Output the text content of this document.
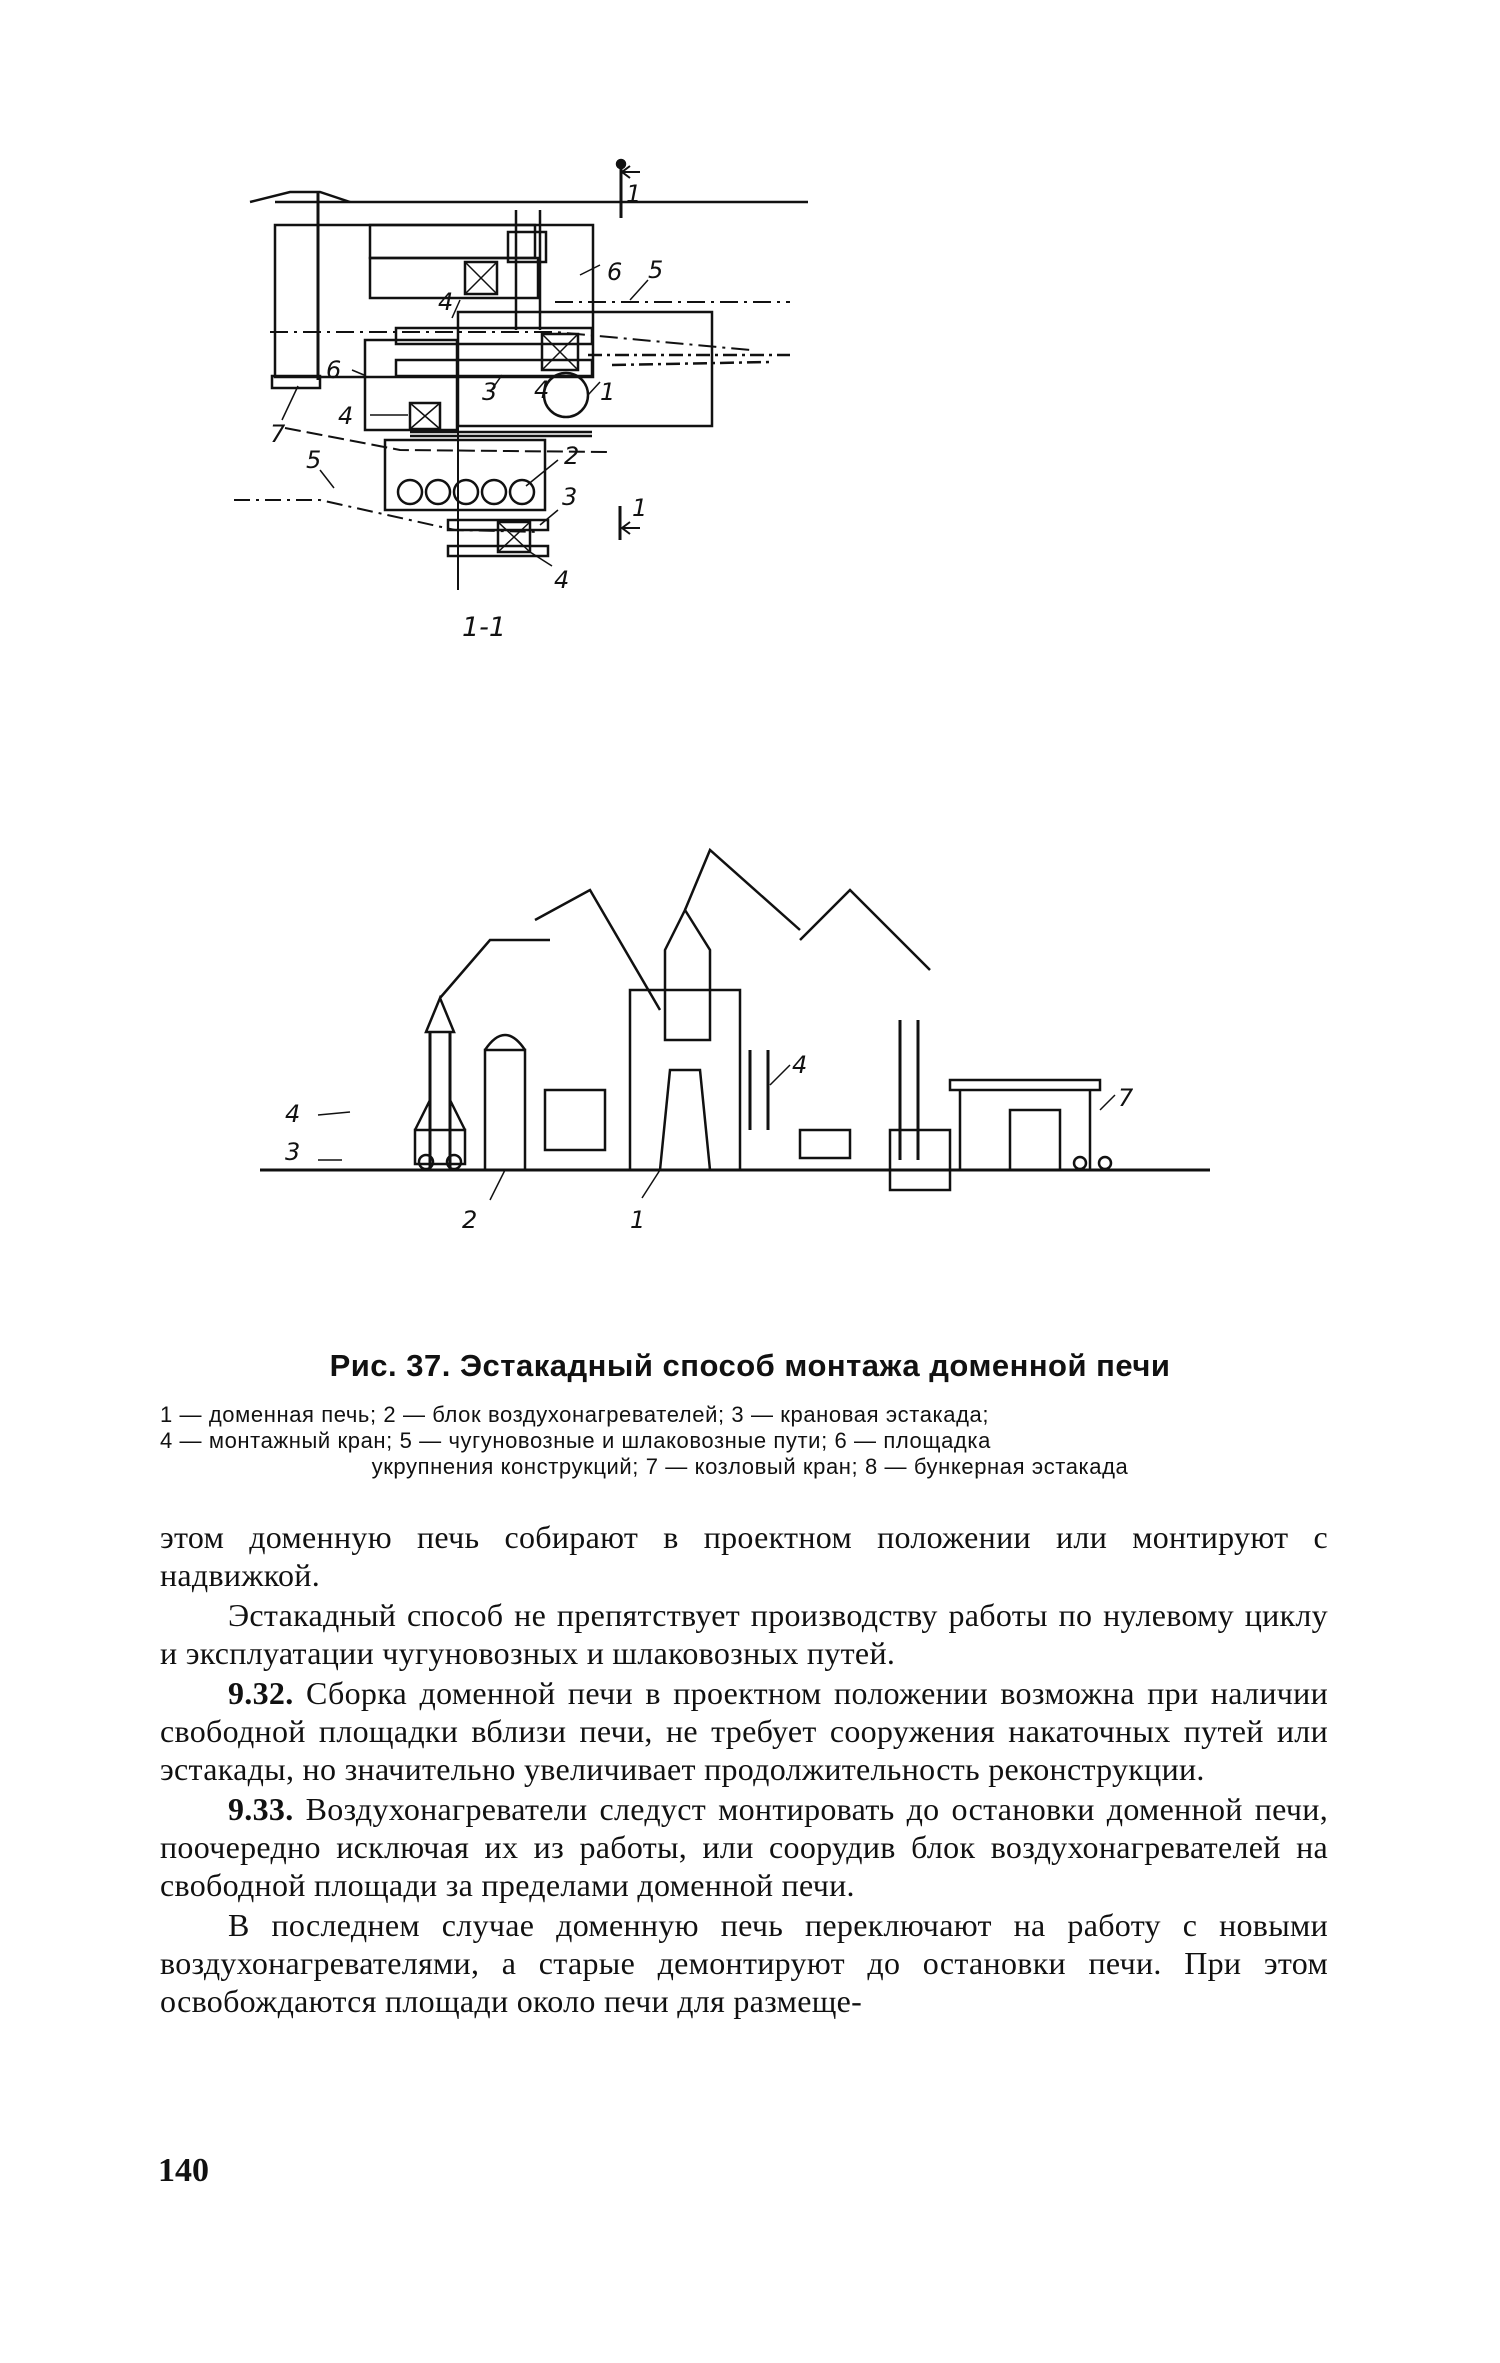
6
7
1
4
5
6
3 4 1
4
2
5
3
4
1
1-1
4
3
2	1
4
7
Рис. 37. Эстакадный способ монтажа доменной печи
1 — доменная печь; 2 — блок воздухонагревателей; 3 — крановая эстакада;
4 — монтажный кран; 5 — чугуновозные и шлаковозные пути; 6 — площадка
укрупнения конструкций; 7 — козловый кран; 8 — бункерная эстакада

этом доменную печь собирают в проектном положении или монтируют с надвижкой.

Эстакадный способ не препятствует производству работы по нулевому циклу и эксплуатации чугуновозных и шлаковозных путей.

9.32. Сборка доменной печи в проектном положении возможна при наличии свободной площадки вблизи печи, не требует сооружения накаточных путей или эстакады, но значительно увеличивает продолжительность реконструкции.

9.33. Воздухонагреватели следуст монтировать до остановки доменной печи, поочередно исключая их из работы, или соорудив блок воздухонагревателей на свободной площади за пределами доменной печи.

В последнем случае доменную печь переключают на работу с новыми воздухонагревателями, а старые демонтируют до остановки печи. При этом освобождаются площади около печи для размеще-

140
